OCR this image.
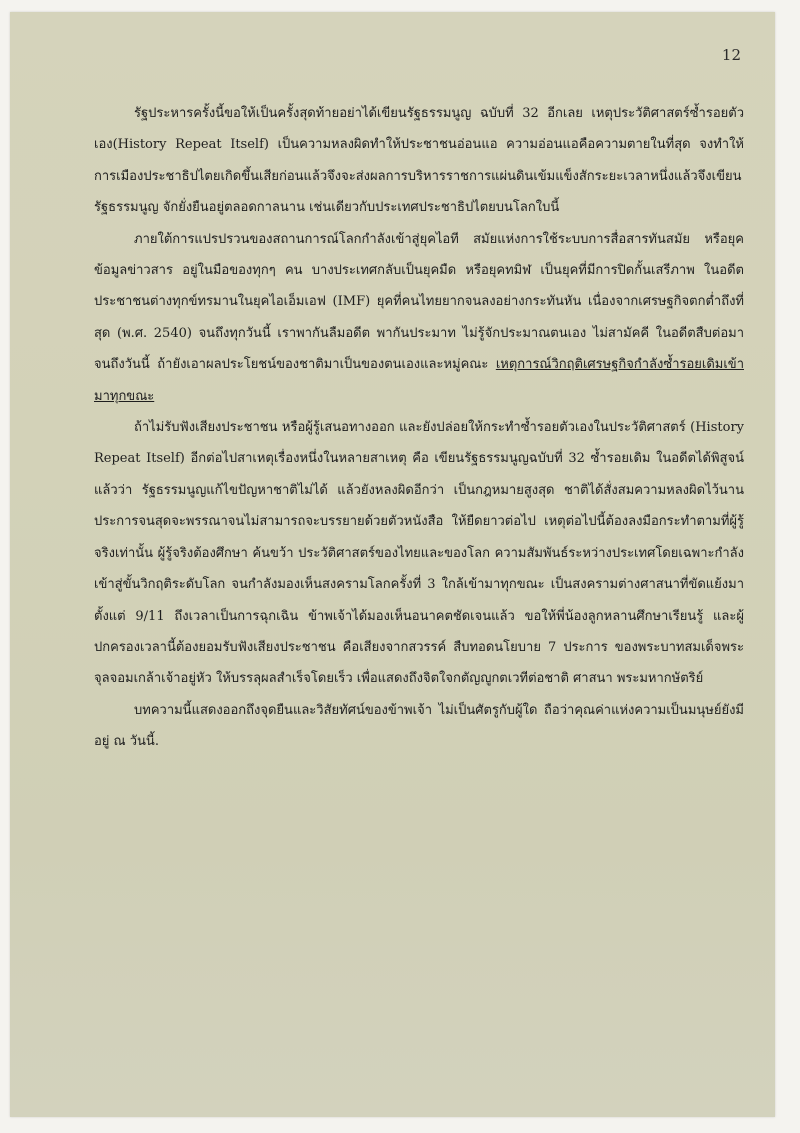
12

รัฐประหารครั้งนี้ขอให้เป็นครั้งสุดท้ายอย่าได้เขียนรัฐธรรมนูญ ฉบับที่ 32 อีกเลย เหตุประวัติศาสตร์ซ้ำรอยตัวเอง(History Repeat Itself) เป็นความหลงผิดทำให้ประชาชนอ่อนแอ ความอ่อนแอคือความตายในที่สุด จงทำให้การเมืองประชาธิปไตยเกิดขึ้นเสียก่อนแล้วจึงจะส่งผลการบริหารราชการแผ่นดินเข้มแข็งสักระยะเวลาหนึ่งแล้วจึงเขียนรัฐธรรมนูญ จักยั่งยืนอยู่ตลอดกาลนาน เช่นเดียวกับประเทศประชาธิปไตยบนโลกใบนี้

ภายใต้การแปรปรวนของสถานการณ์โลกกำลังเข้าสู่ยุคไอที สมัยแห่งการใช้ระบบการสื่อสารทันสมัย หรือยุคข้อมูลข่าวสาร อยู่ในมือของทุกๆ คน บางประเทศกลับเป็นยุคมืด หรือยุคทมิฬ เป็นยุคที่มีการปิดกั้นเสรีภาพ ในอดีตประชาชนต่างทุกข์ทรมานในยุคไอเอ็มเอฟ (IMF) ยุคที่คนไทยยากจนลงอย่างกระทันหัน เนื่องจากเศรษฐกิจตกต่ำถึงที่สุด (พ.ศ. 2540) จนถึงทุกวันนี้ เราพากันลืมอดีต พากันประมาท ไม่รู้จักประมาณตนเอง ไม่สามัคคี ในอดีตสืบต่อมาจนถึงวันนี้ ถ้ายังเอาผลประโยชน์ของชาติมาเป็นของตนเองและหมู่คณะ เหตุการณ์วิกฤติเศรษฐกิจกำลังซ้ำรอยเดิมเข้ามาทุกขณะ

ถ้าไม่รับฟังเสียงประชาชน หรือผู้รู้เสนอทางออก และยังปล่อยให้กระทำซ้ำรอยตัวเองในประวัติศาสตร์ (History Repeat Itself) อีกต่อไปสาเหตุเรื่องหนึ่งในหลายสาเหตุ คือ เขียนรัฐธรรมนูญฉบับที่ 32 ซ้ำรอยเดิม ในอดีตได้พิสูจน์แล้วว่า รัฐธรรมนูญแก้ไขปัญหาชาติไม่ได้ แล้วยังหลงผิดอีกว่า เป็นกฎหมายสูงสุด ชาติได้สั่งสมความหลงผิดไว้นานประการจนสุดจะพรรณาจนไม่สามารถจะบรรยายด้วยตัวหนังสือ ให้ยืดยาวต่อไป เหตุต่อไปนี้ต้องลงมือกระทำตามที่ผู้รู้จริงเท่านั้น ผู้รู้จริงต้องศึกษา ค้นขว้า ประวัติศาสตร์ของไทยและของโลก ความสัมพันธ์ระหว่างประเทศโดยเฉพาะกำลังเข้าสู่ขั้นวิกฤติระดับโลก จนกำลังมองเห็นสงครามโลกครั้งที่ 3 ใกล้เข้ามาทุกขณะ เป็นสงครามต่างศาสนาที่ขัดแย้งมาตั้งแต่ 9/11 ถึงเวลาเป็นการฉุกเฉิน ข้าพเจ้าได้มองเห็นอนาคตชัดเจนแล้ว ขอให้พี่น้องลูกหลานศึกษาเรียนรู้ และผู้ปกครองเวลานี้ต้องยอมรับฟังเสียงประชาชน คือเสียงจากสวรรค์ สืบทอดนโยบาย 7 ประการ ของพระบาทสมเด็จพระจุลจอมเกล้าเจ้าอยู่หัว ให้บรรลุผลสำเร็จโดยเร็ว เพื่อแสดงถึงจิตใจกตัญญูกตเวทีต่อชาติ ศาสนา พระมหากษัตริย์

บทความนี้แสดงออกถึงจุดยืนและวิสัยทัศน์ของข้าพเจ้า ไม่เป็นศัตรูกับผู้ใด ถือว่าคุณค่าแห่งความเป็นมนุษย์ยังมีอยู่ ณ วันนี้.
